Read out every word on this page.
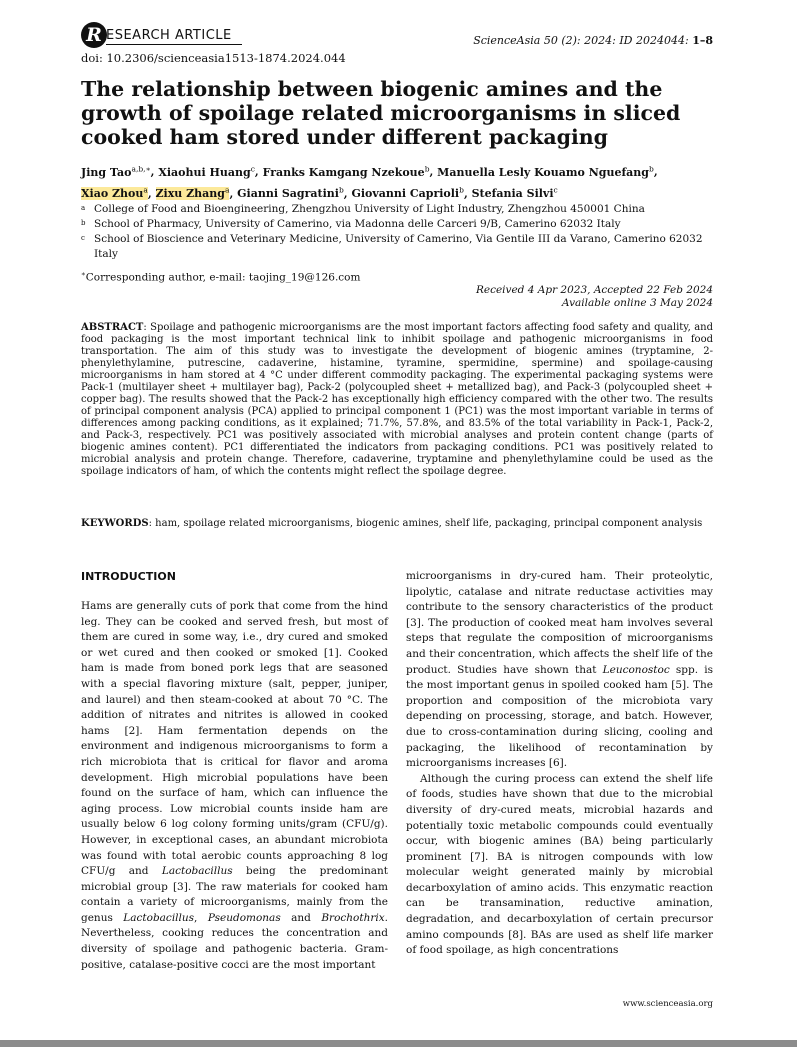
R ESEARCH ARTICLE	ScienceAsia 50 (2): 2024: ID 2024044: 1–8
doi: 10.2306/scienceasia1513-1874.2024.044
The relationship between biogenic amines and the growth of spoilage related microorganisms in sliced cooked ham stored under different packaging
Jing Tao$^{a,b,∗}$, Xiaohui Huang$^c$, Franks Kamgang Nzekoue$^b$, Manuella Lesly Kouamo Nguefang$^b$,
Xiao Zhou$^a$, Zixu Zhang$^a$, Gianni Sagratini$^b$, Giovanni Caprioli$^b$, Stefania Silvi$^c$
a College of Food and Bioengineering, Zhengzhou University of Light Industry, Zhengzhou 450001 China
b School of Pharmacy, University of Camerino, via Madonna delle Carceri 9/B, Camerino 62032 Italy
c School of Bioscience and Veterinary Medicine, University of Camerino, Via Gentile III da Varano, Camerino 62032 Italy
∗Corresponding author, e-mail: taojing_19@126.com
Received 4 Apr 2023, Accepted 22 Feb 2024
Available online 3 May 2024

ABSTRACT: Spoilage and pathogenic microorganisms are the most important factors affecting food safety and quality, and food packaging is the most important technical link to inhibit spoilage and pathogenic microorganisms in food transportation. The aim of this study was to investigate the development of biogenic amines (tryptamine, 2-phenylethylamine, putrescine, cadaverine, histamine, tyramine, spermidine, spermine) and spoilage-causing microorganisms in ham stored at 4 °C under different commodity packaging. The experimental packaging systems were Pack-1 (multilayer sheet + multilayer bag), Pack-2 (polycoupled sheet + metallized bag), and Pack-3 (polycoupled sheet + copper bag). The results showed that the Pack-2 has exceptionally high efficiency compared with the other two. The results of principal component analysis (PCA) applied to principal component 1 (PC1) was the most important variable in terms of differences among packing conditions, as it explained; 71.7%, 57.8%, and 83.5% of the total variability in Pack-1, Pack-2, and Pack-3, respectively. PC1 was positively associated with microbial analyses and protein content change (parts of biogenic amines content). PC1 differentiated the indicators from packaging conditions. PC1 was positively related to microbial analysis and protein change. Therefore, cadaverine, tryptamine and phenylethylamine could be used as the spoilage indicators of ham, of which the contents might reflect the spoilage degree.

KEYWORDS: ham, spoilage related microorganisms, biogenic amines, shelf life, packaging, principal component analysis

INTRODUCTION

Hams are generally cuts of pork that come from the hind leg. They can be cooked and served fresh, but most of them are cured in some way, i.e., dry cured and smoked or wet cured and then cooked or smoked [1]. Cooked ham is made from boned pork legs that are seasoned with a special flavoring mixture (salt, pepper, juniper, and laurel) and then steam-cooked at about 70 °C. The addition of nitrates and nitrites is allowed in cooked hams [2]. Ham fermentation depends on the environment and indigenous microorganisms to form a rich microbiota that is critical for flavor and aroma development. High microbial populations have been found on the surface of ham, which can influence the aging process. Low microbial counts inside ham are usually below 6 log colony forming units/gram (CFU/g). However, in exceptional cases, an abundant microbiota was found with total aerobic counts approaching 8 log CFU/g and Lactobacillus being the predominant microbial group [3]. The raw materials for cooked ham contain a variety of microorganisms, mainly from the genus Lactobacillus, Pseudomonas and Brochothrix. Nevertheless, cooking reduces the concentration and diversity of spoilage and pathogenic bacteria. Gram-positive, catalase-positive cocci are the most important

microorganisms in dry-cured ham. Their proteolytic, lipolytic, catalase and nitrate reductase activities may contribute to the sensory characteristics of the product [3]. The production of cooked meat ham involves several steps that regulate the composition of microorganisms and their concentration, which affects the shelf life of the product. Studies have shown that Leuconostoc spp. is the most important genus in spoiled cooked ham [5]. The proportion and composition of the microbiota vary depending on processing, storage, and batch. However, due to cross-contamination during slicing, cooling and packaging, the likelihood of recontamination by microorganisms increases [6].

Although the curing process can extend the shelf life of foods, studies have shown that due to the microbial diversity of dry-cured meats, microbial hazards and potentially toxic metabolic compounds could eventually occur, with biogenic amines (BA) being particularly prominent [7]. BA is nitrogen compounds with low molecular weight generated mainly by microbial decarboxylation of amino acids. This enzymatic reaction can be transamination, reductive amination, degradation, and decarboxylation of certain precursor amino compounds [8]. BAs are used as shelf life marker of food spoilage, as high concentrations

www.scienceasia.org
